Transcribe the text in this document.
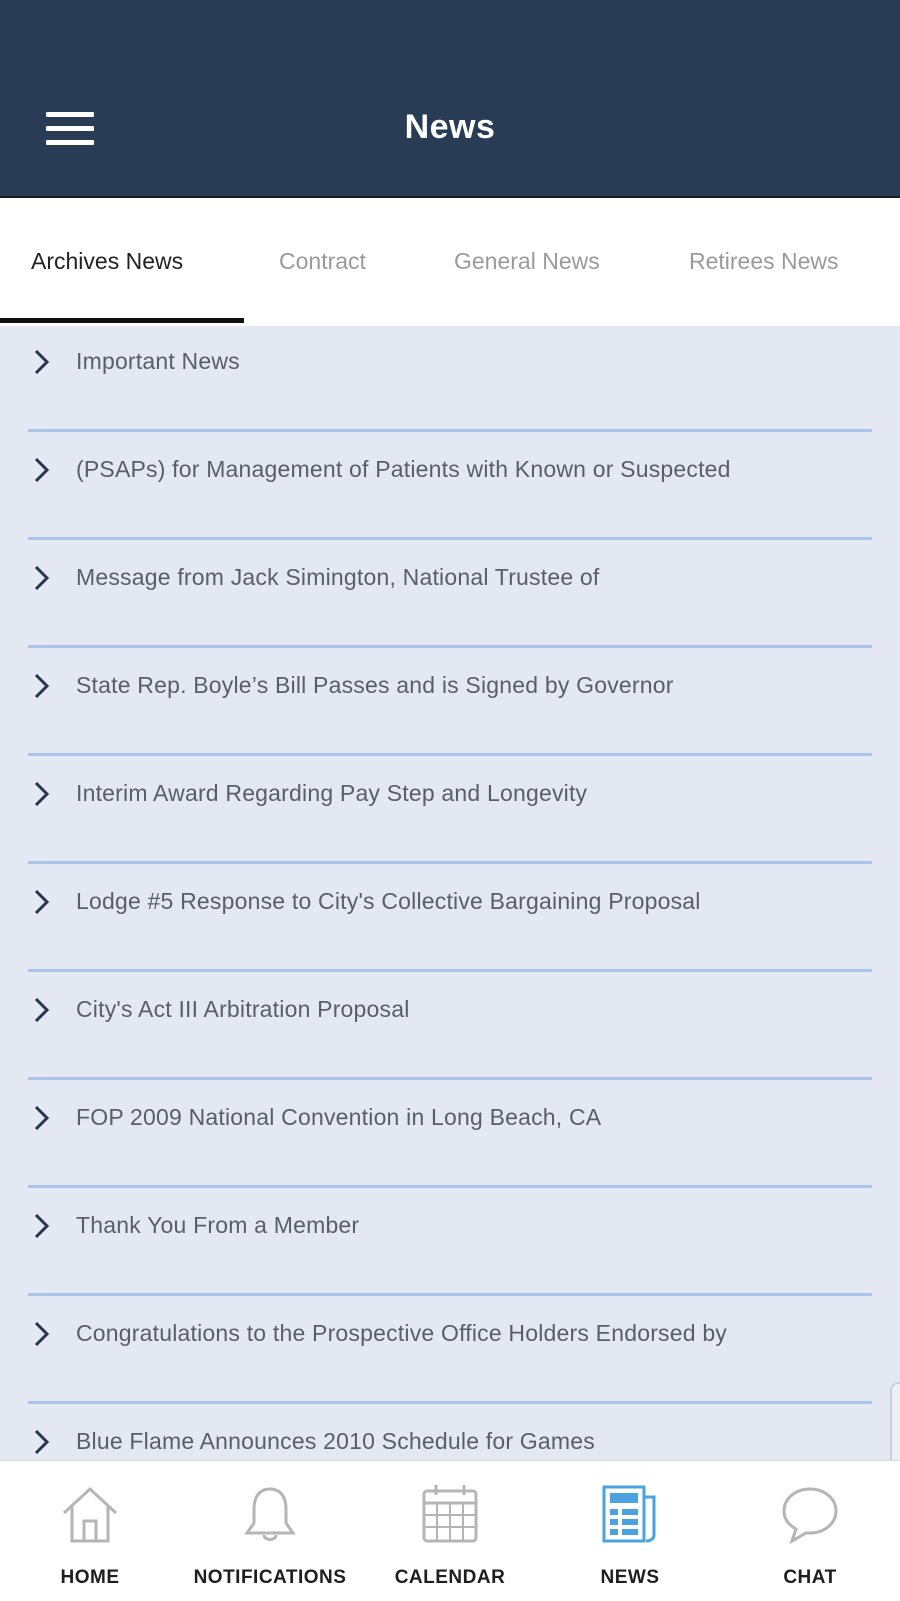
News
Archives News	Contract	General News	Retirees News
Important News
(PSAPs) for Management of Patients with Known or Suspected
Message from Jack Simington, National Trustee of
State Rep. Boyle’s Bill Passes and is Signed by Governor
Interim Award Regarding Pay Step and Longevity
Lodge #5 Response to City's Collective Bargaining Proposal
City's Act III Arbitration Proposal
FOP 2009 National Convention in Long Beach, CA
Thank You From a Member
Congratulations to the Prospective Office Holders Endorsed by
Blue Flame Announces 2010 Schedule for Games
HOME	NOTIFICATIONS	CALENDAR	NEWS	CHAT
